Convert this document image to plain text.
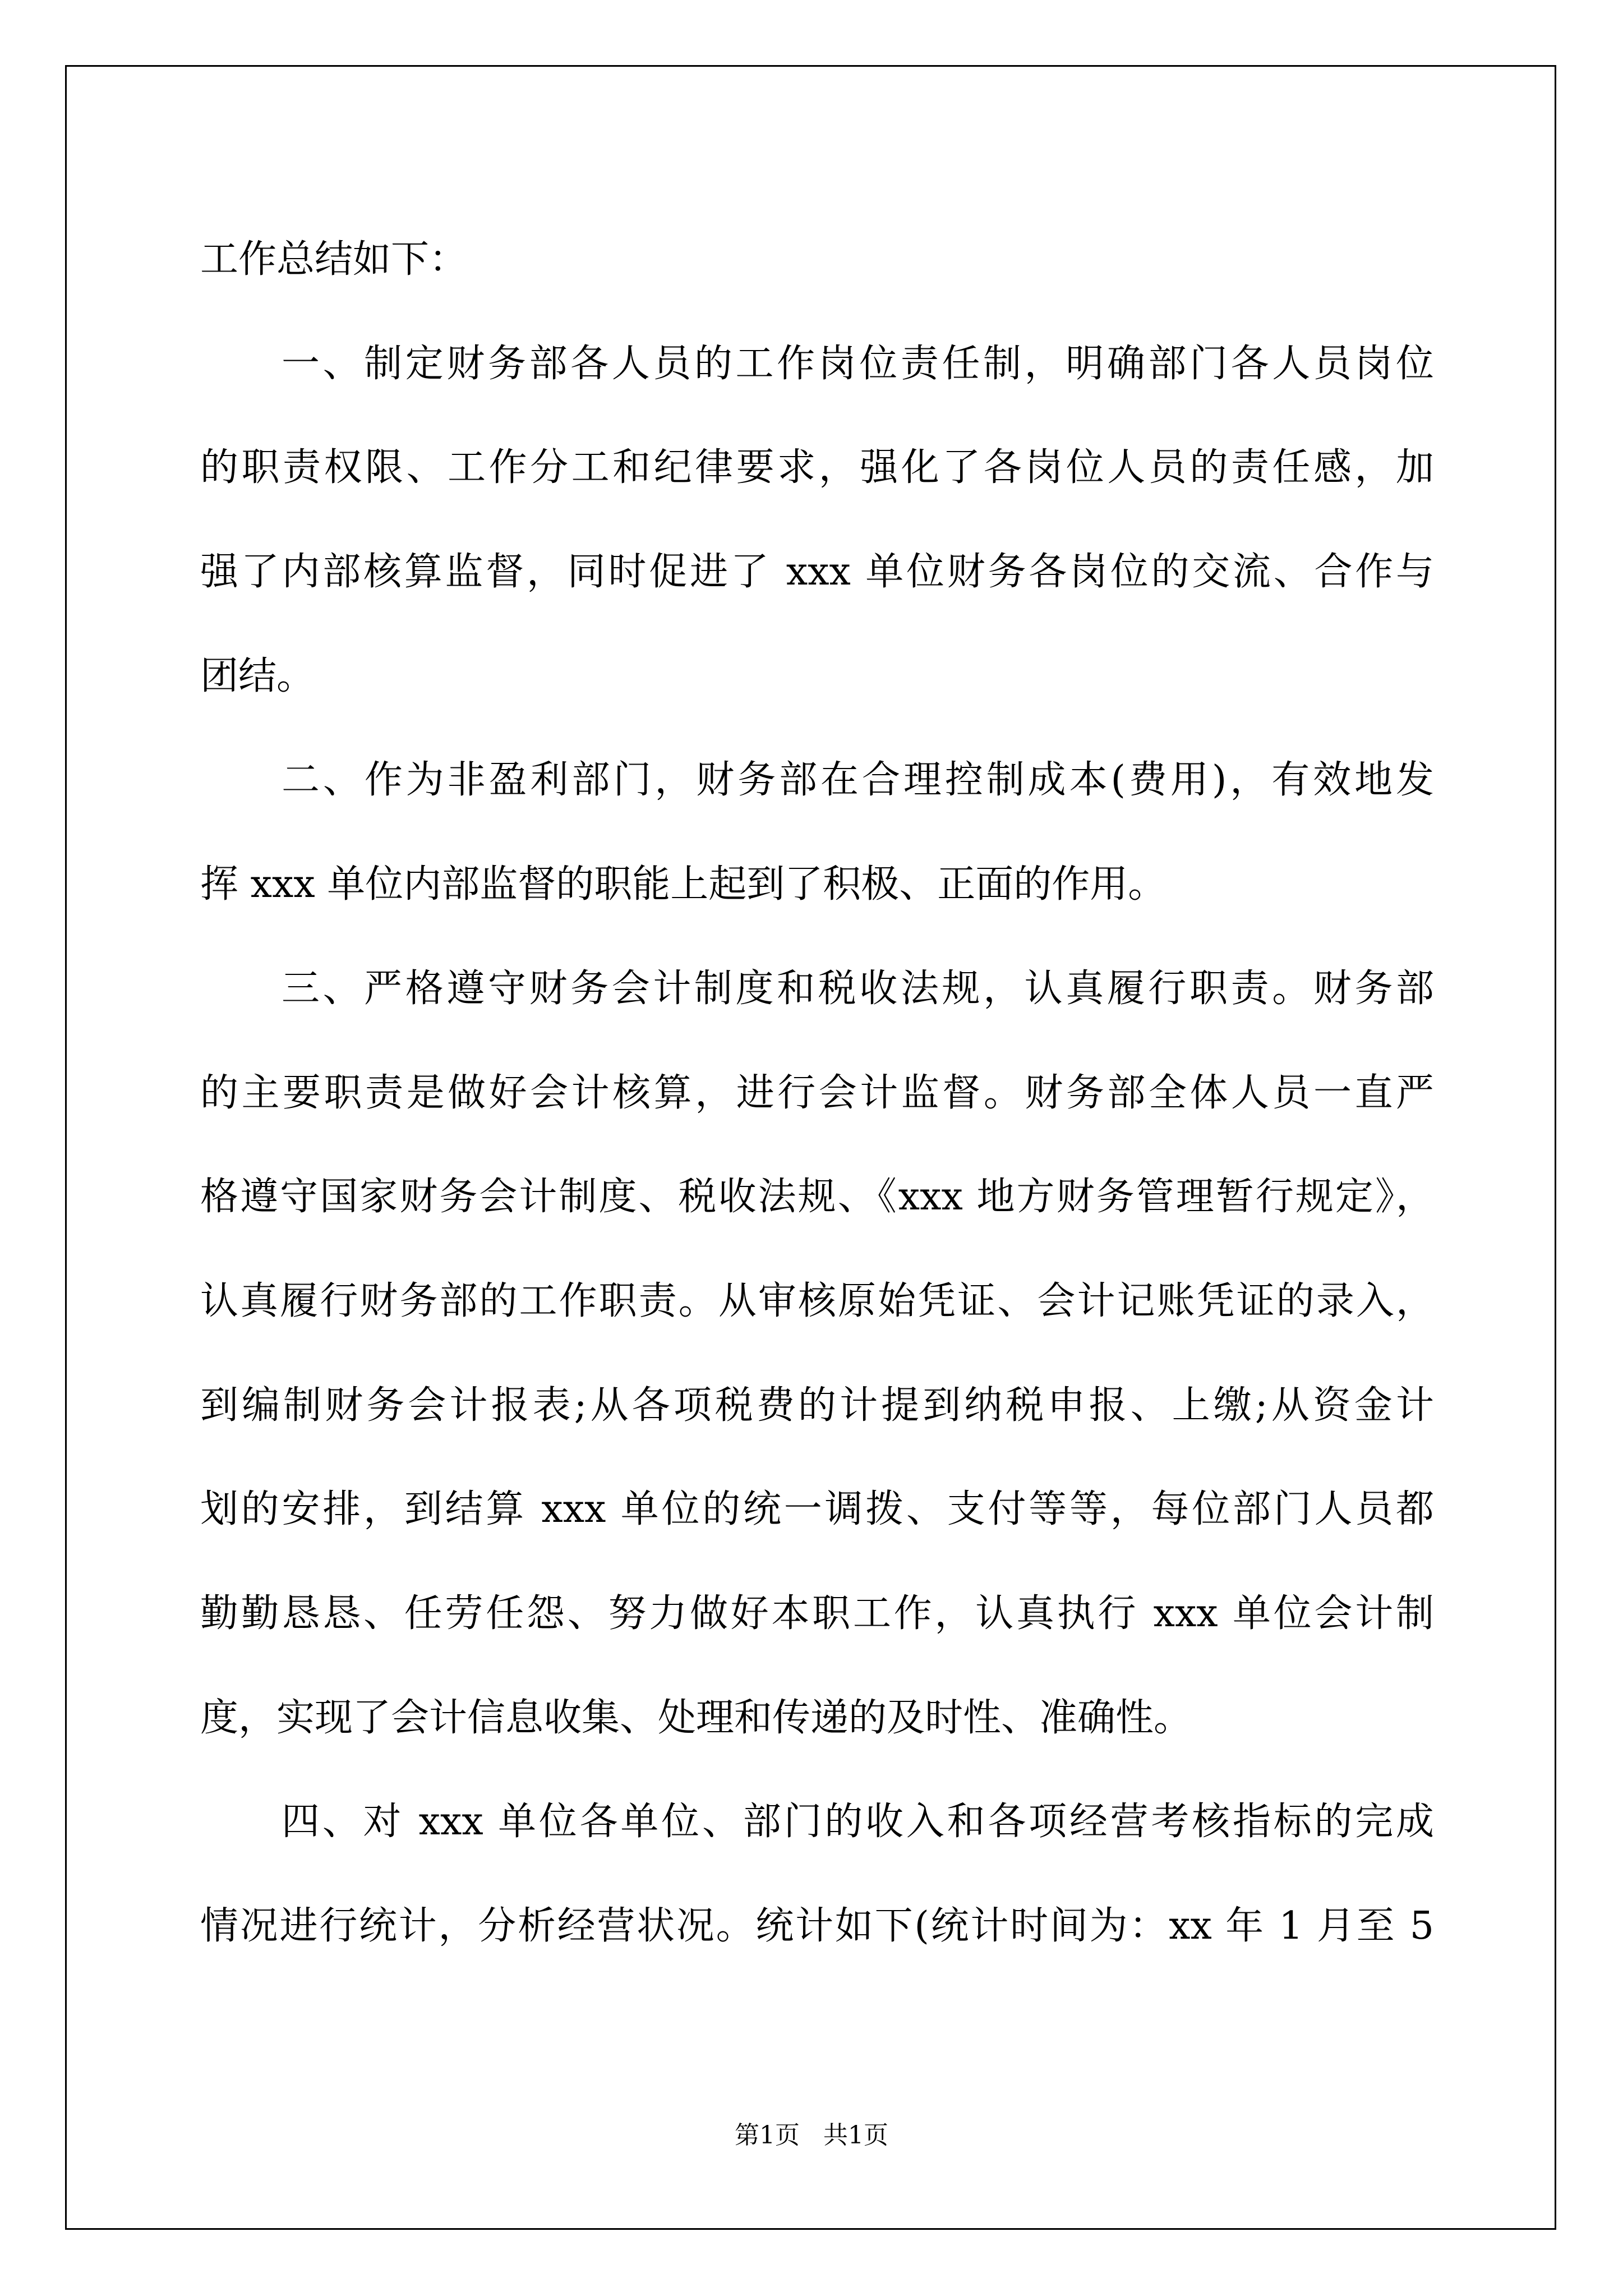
工作总结如下：
一、制定财务部各人员的工作岗位责任制，明确部门各人员岗位
的职责权限、工作分工和纪律要求，强化了各岗位人员的责任感，加
强了内部核算监督，同时促进了 xxx 单位财务各岗位的交流、合作与
团结。
二、作为非盈利部门，财务部在合理控制成本(费用)，有效地发
挥 xxx 单位内部监督的职能上起到了积极、正面的作用。
三、严格遵守财务会计制度和税收法规，认真履行职责。财务部
的主要职责是做好会计核算，进行会计监督。财务部全体人员一直严
格遵守国家财务会计制度、税收法规、《xxx 地方财务管理暂行规定》，
认真履行财务部的工作职责。从审核原始凭证、会计记账凭证的录入，
到编制财务会计报表;从各项税费的计提到纳税申报、上缴;从资金计
划的安排，到结算 xxx 单位的统一调拨、支付等等，每位部门人员都
勤勤恳恳、任劳任怨、努力做好本职工作，认真执行 xxx 单位会计制
度，实现了会计信息收集、处理和传递的及时性、准确性。
四、对 xxx 单位各单位、部门的收入和各项经营考核指标的完成
情况进行统计，分析经营状况。统计如下(统计时间为：xx 年 1 月至 5
第1页   共1页
